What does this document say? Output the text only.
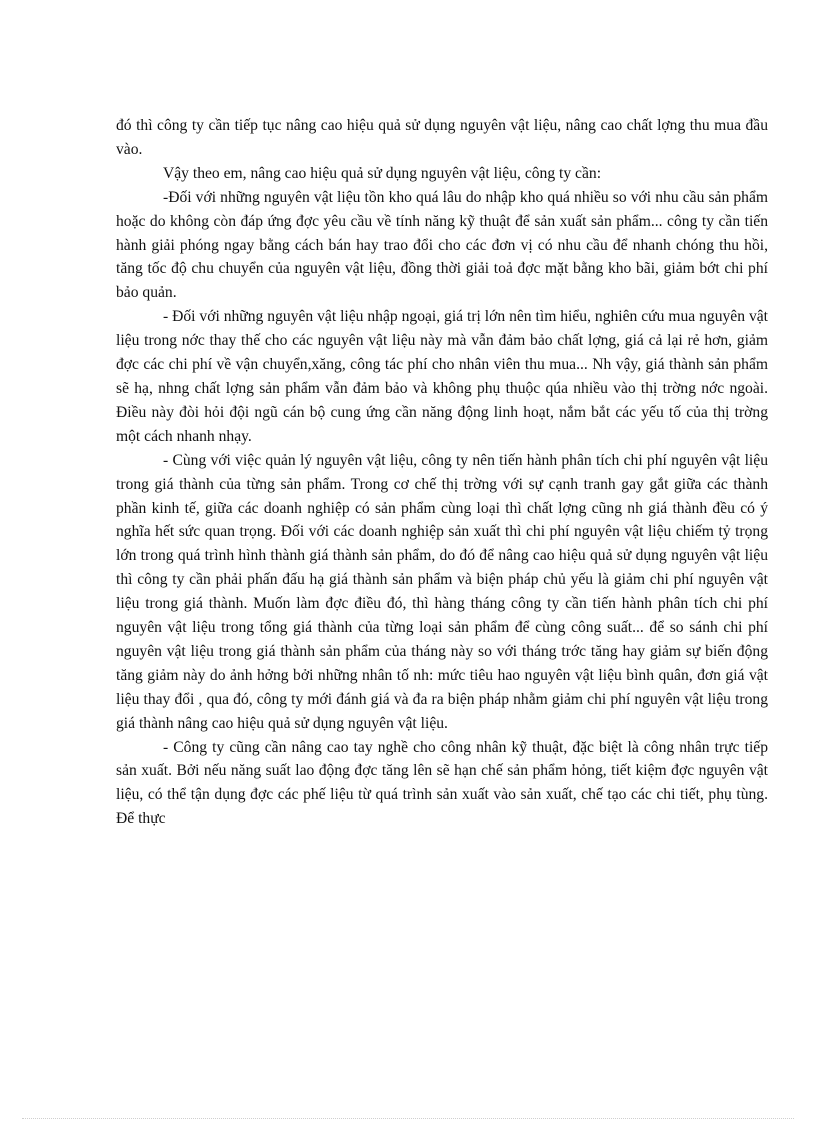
đó thì công ty cần tiếp tục nâng cao hiệu quả sử dụng nguyên vật liệu, nâng cao chất lợng thu mua đầu vào.

Vậy theo em, nâng cao hiệu quả sử dụng nguyên vật liệu, công ty cần:

-Đối với những nguyên vật liệu tồn kho quá lâu do nhập kho quá nhiều so với nhu cầu sản phẩm hoặc do không còn đáp ứng đợc yêu cầu về tính năng kỹ thuật để sản xuất sản phẩm... công ty cần tiến hành giải phóng ngay bằng cách bán hay trao đổi cho các đơn vị có nhu cầu để nhanh chóng thu hồi, tăng tốc độ chu chuyển của nguyên vật liệu, đồng thời giải toả đợc mặt bằng kho bãi, giảm bớt chi phí bảo quản.

- Đối với những nguyên vật liệu nhập ngoại, giá trị lớn nên tìm hiểu, nghiên cứu mua nguyên vật liệu trong nớc thay thế cho các nguyên vật liệu này mà vẫn đảm bảo chất lợng, giá cả lại rẻ hơn, giảm đợc các chi phí về vận chuyển,xăng, công tác phí cho nhân viên thu mua... Nh vậy, giá thành sản phẩm sẽ hạ, nhng chất lợng sản phẩm vẫn đảm bảo và không phụ thuộc qúa nhiều vào thị trờng nớc ngoài. Điều này đòi hỏi đội ngũ cán bộ cung ứng cần năng động linh hoạt, nắm bắt các yếu tố của thị trờng một cách nhanh nhạy.

- Cùng với việc quản lý nguyên vật liệu, công ty nên tiến hành phân tích chi phí nguyên vật liệu trong giá thành của từng sản phẩm. Trong cơ chế thị trờng với sự cạnh tranh gay gắt giữa các thành phần kinh tế, giữa các doanh nghiệp có sản phẩm cùng loại thì chất lợng cũng nh giá thành đều có ý nghĩa hết sức quan trọng. Đối với các doanh nghiệp sản xuất thì chi phí nguyên vật liệu chiếm tỷ trọng lớn trong quá trình hình thành giá thành sản phẩm, do đó để nâng cao hiệu quả sử dụng nguyên vật liệu thì công ty cần phải phấn đấu hạ giá thành sản phẩm và biện pháp chủ yếu là giảm chi phí nguyên vật liệu trong giá thành. Muốn làm đợc điều đó, thì hàng tháng công ty cần tiến hành phân tích chi phí nguyên vật liệu trong tổng giá thành của từng loại sản phẩm để cùng công suất... để so sánh chi phí nguyên vật liệu trong giá thành sản phẩm của tháng này so với tháng trớc tăng hay giảm sự biến động tăng giảm này do ảnh hởng bởi những nhân tố nh: mức tiêu hao nguyên vật liệu bình quân, đơn giá vật liệu thay đổi , qua đó, công ty mới đánh giá và đa ra biện pháp nhằm giảm chi phí nguyên vật liệu trong giá thành nâng cao hiệu quả sử dụng nguyên vật liệu.

- Công ty cũng cần nâng cao tay nghề cho công nhân kỹ thuật, đặc biệt là công nhân trực tiếp sản xuất. Bởi nếu năng suất lao động đợc tăng lên sẽ hạn chế sản phẩm hỏng, tiết kiệm đợc nguyên vật liệu, có thể tận dụng đợc các phế liệu từ quá trình sản xuất vào sản xuất, chế tạo các chi tiết, phụ tùng. Để thực
